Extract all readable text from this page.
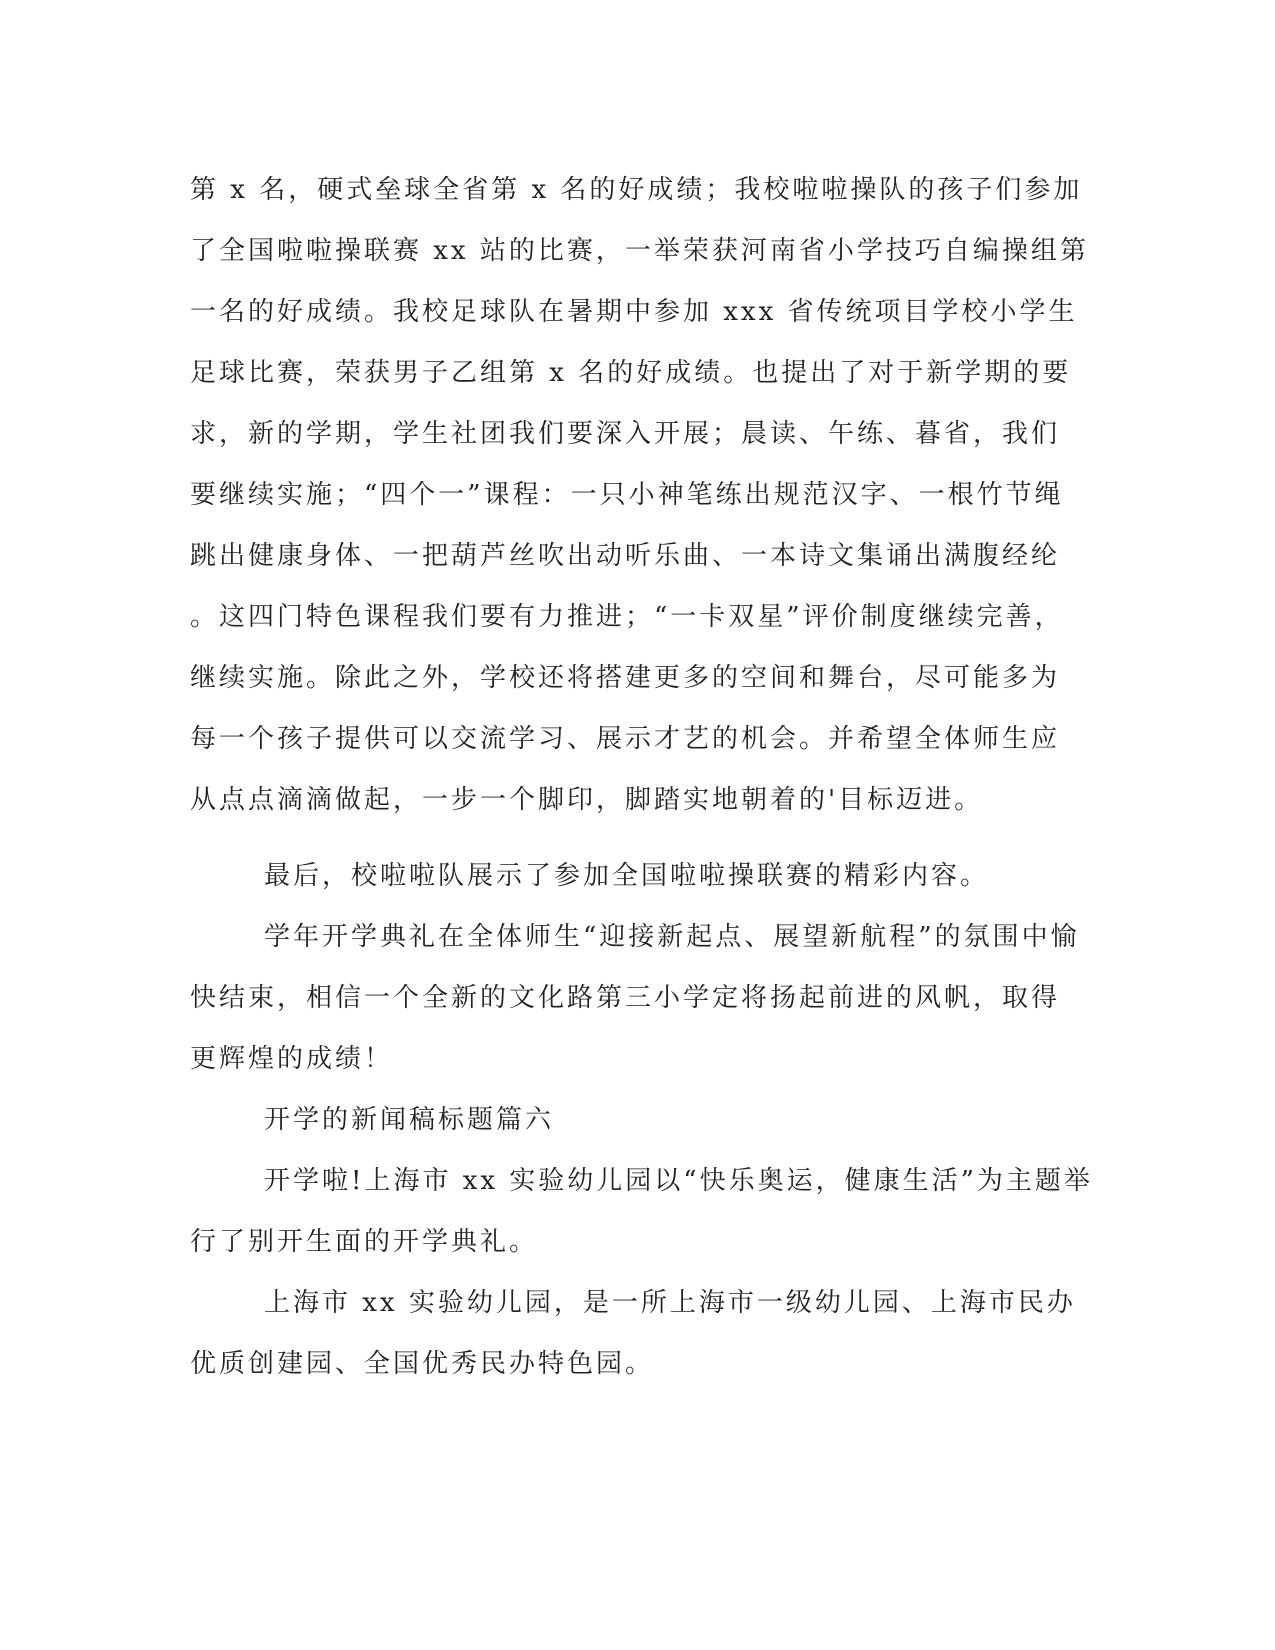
第 x 名，硬式垒球全省第 x 名的好成绩；我校啦啦操队的孩子们参加
了全国啦啦操联赛 xx 站的比赛，一举荣获河南省小学技巧自编操组第
一名的好成绩。我校足球队在暑期中参加 xxx 省传统项目学校小学生
足球比赛，荣获男子乙组第 x 名的好成绩。也提出了对于新学期的要
求，新的学期，学生社团我们要深入开展；晨读、午练、暮省，我们
要继续实施；“四个一”课程：一只小神笔练出规范汉字、一根竹节绳
跳出健康身体、一把葫芦丝吹出动听乐曲、一本诗文集诵出满腹经纶
。这四门特色课程我们要有力推进；“一卡双星”评价制度继续完善，
继续实施。除此之外，学校还将搭建更多的空间和舞台，尽可能多为
每一个孩子提供可以交流学习、展示才艺的机会。并希望全体师生应
从点点滴滴做起，一步一个脚印，脚踏实地朝着的'目标迈进。
最后，校啦啦队展示了参加全国啦啦操联赛的精彩内容。
学年开学典礼在全体师生“迎接新起点、展望新航程”的氛围中愉
快结束，相信一个全新的文化路第三小学定将扬起前进的风帆，取得
更辉煌的成绩！
开学的新闻稿标题篇六
开学啦!上海市 xx 实验幼儿园以“快乐奥运，健康生活”为主题举
行了别开生面的开学典礼。
上海市 xx 实验幼儿园，是一所上海市一级幼儿园、上海市民办
优质创建园、全国优秀民办特色园。
